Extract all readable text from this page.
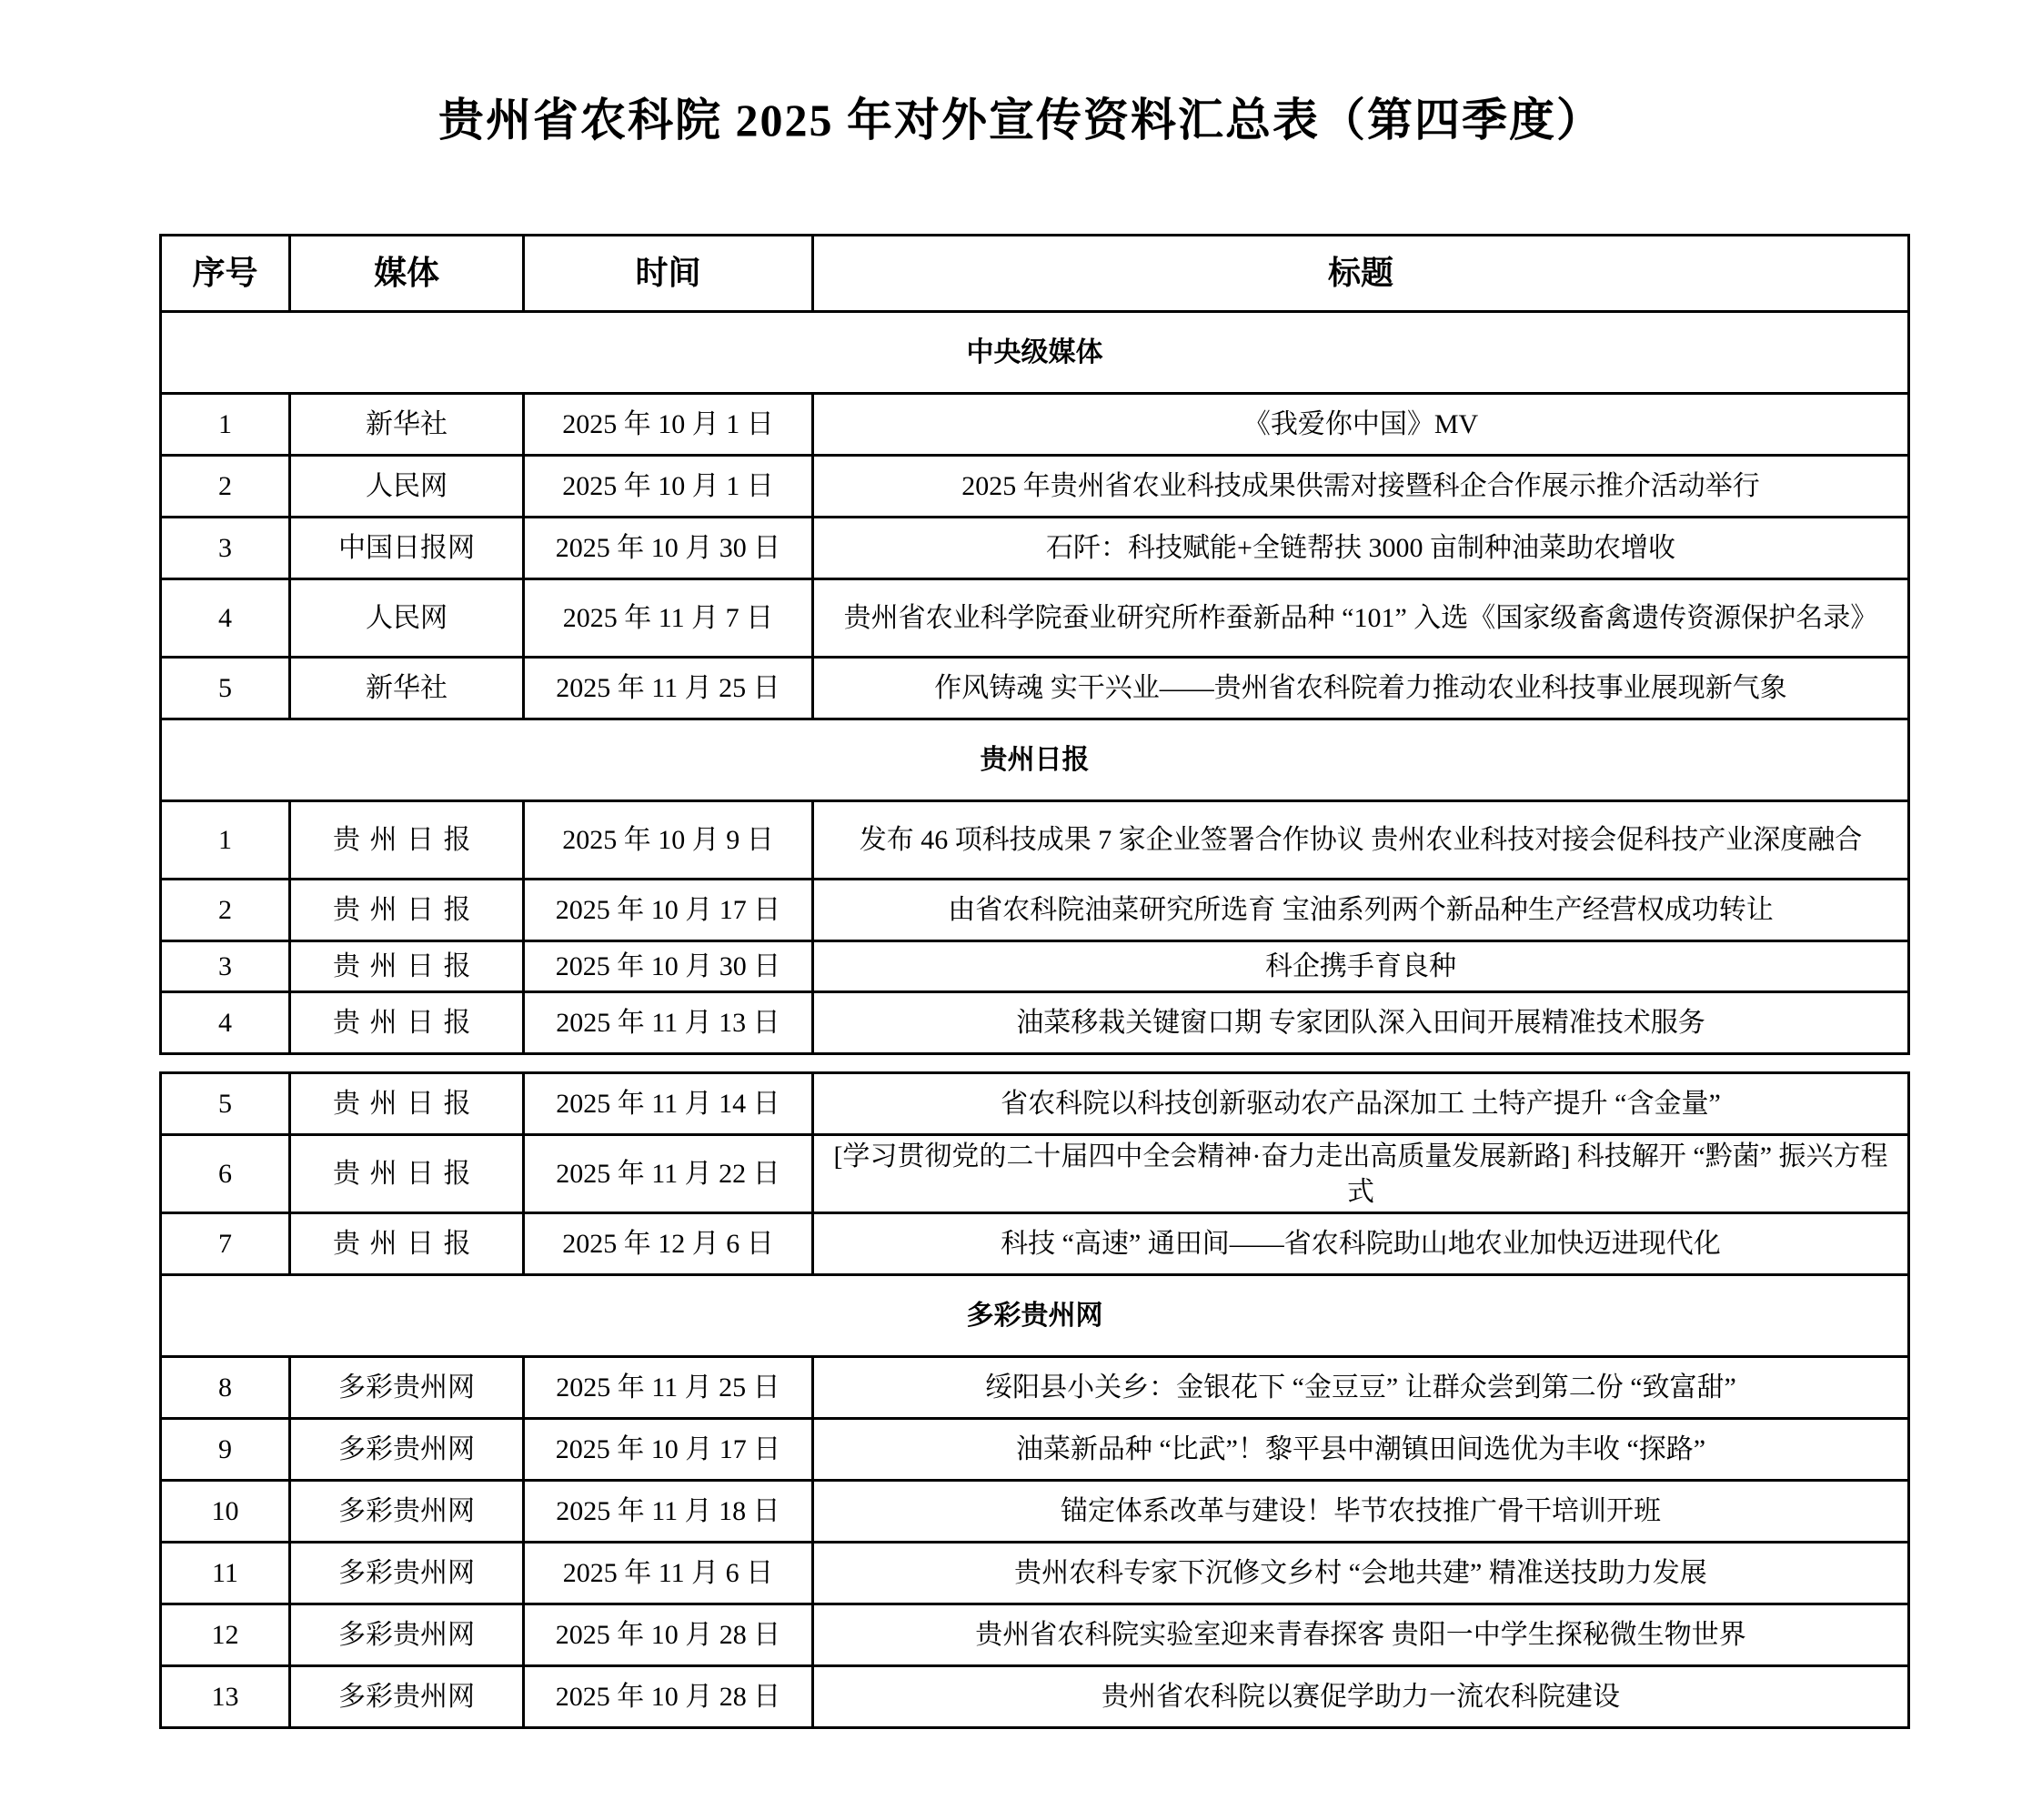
贵州省农科院 2025 年对外宣传资料汇总表（第四季度）
序号	媒体	时间	标题
中央级媒体			
1	新华社	2025 年 10 月 1 日	《我爱你中国》MV
2	人民网	2025 年 10 月 1 日	2025 年贵州省农业科技成果供需对接暨科企合作展示推介活动举行
3	中国日报网	2025 年 10 月 30 日	石阡：科技赋能+全链帮扶 3000 亩制种油菜助农增收
4	人民网	2025 年 11 月 7 日	贵州省农业科学院蚕业研究所柞蚕新品种 “101” 入选《国家级畜禽遗传资源保护名录》
5	新华社	2025 年 11 月 25 日	作风铸魂 实干兴业——贵州省农科院着力推动农业科技事业展现新气象
贵州日报			
1	贵州日报	2025 年 10 月 9 日	发布 46 项科技成果 7 家企业签署合作协议 贵州农业科技对接会促科技产业深度融合
2	贵州日报	2025 年 10 月 17 日	由省农科院油菜研究所选育 宝油系列两个新品种生产经营权成功转让
3	贵州日报	2025 年 10 月 30 日	科企携手育良种
4	贵州日报	2025 年 11 月 13 日	油菜移栽关键窗口期 专家团队深入田间开展精准技术服务
5	贵州日报	2025 年 11 月 14 日	省农科院以科技创新驱动农产品深加工 土特产提升 “含金量”
6	贵州日报	2025 年 11 月 22 日	[学习贯彻党的二十届四中全会精神·奋力走出高质量发展新路] 科技解开 “黔菌” 振兴方程式
7	贵州日报	2025 年 12 月 6 日	科技 “高速” 通田间——省农科院助山地农业加快迈进现代化
多彩贵州网			
8	多彩贵州网	2025 年 11 月 25 日	绥阳县小关乡：金银花下 “金豆豆” 让群众尝到第二份 “致富甜”
9	多彩贵州网	2025 年 10 月 17 日	油菜新品种 “比武”！黎平县中潮镇田间选优为丰收 “探路”
10	多彩贵州网	2025 年 11 月 18 日	锚定体系改革与建设！毕节农技推广骨干培训开班
11	多彩贵州网	2025 年 11 月 6 日	贵州农科专家下沉修文乡村 “会地共建” 精准送技助力发展
12	多彩贵州网	2025 年 10 月 28 日	贵州省农科院实验室迎来青春探客 贵阳一中学生探秘微生物世界
13	多彩贵州网	2025 年 10 月 28 日	贵州省农科院以赛促学助力一流农科院建设
